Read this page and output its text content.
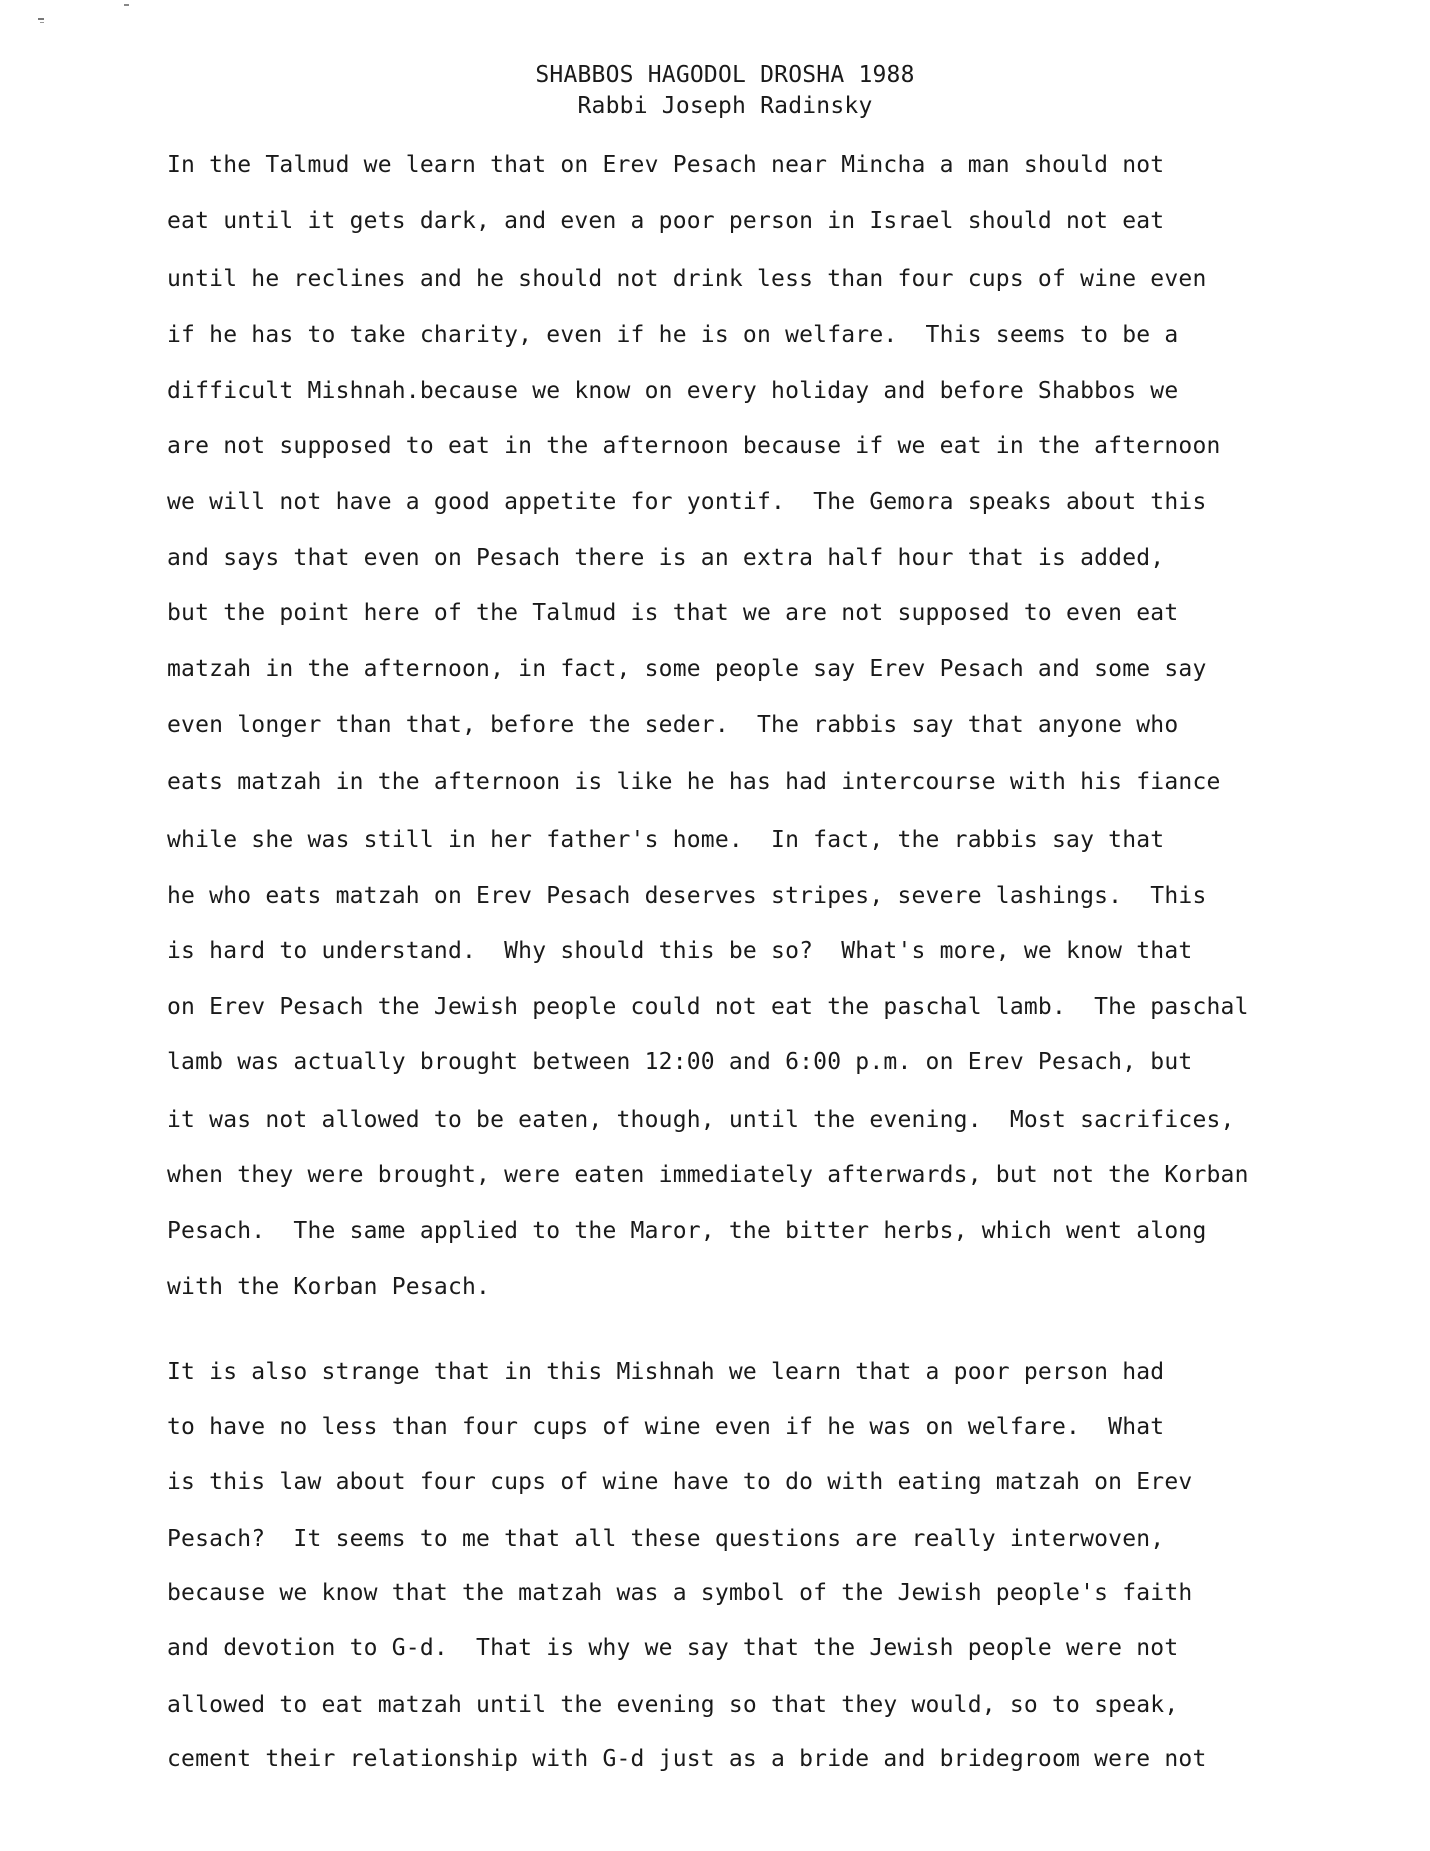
SHABBOS HAGODOL DROSHA 1988
Rabbi Joseph Radinsky
In the Talmud we learn that on Erev Pesach near Mincha a man should not
eat until it gets dark, and even a poor person in Israel should not eat
until he reclines and he should not drink less than four cups of wine even
if he has to take charity, even if he is on welfare.  This seems to be a
difficult Mishnah.because we know on every holiday and before Shabbos we
are not supposed to eat in the afternoon because if we eat in the afternoon
we will not have a good appetite for yontif.  The Gemora speaks about this
and says that even on Pesach there is an extra half hour that is added,
but the point here of the Talmud is that we are not supposed to even eat
matzah in the afternoon, in fact, some people say Erev Pesach and some say
even longer than that, before the seder.  The rabbis say that anyone who
eats matzah in the afternoon is like he has had intercourse with his fiance
while she was still in her father's home.  In fact, the rabbis say that
he who eats matzah on Erev Pesach deserves stripes, severe lashings.  This
is hard to understand.  Why should this be so?  What's more, we know that
on Erev Pesach the Jewish people could not eat the paschal lamb.  The paschal
lamb was actually brought between 12:00 and 6:00 p.m. on Erev Pesach, but
it was not allowed to be eaten, though, until the evening.  Most sacrifices,
when they were brought, were eaten immediately afterwards, but not the Korban
Pesach.  The same applied to the Maror, the bitter herbs, which went along
with the Korban Pesach.
It is also strange that in this Mishnah we learn that a poor person had
to have no less than four cups of wine even if he was on welfare.  What
is this law about four cups of wine have to do with eating matzah on Erev
Pesach?  It seems to me that all these questions are really interwoven,
because we know that the matzah was a symbol of the Jewish people's faith
and devotion to G-d.  That is why we say that the Jewish people were not
allowed to eat matzah until the evening so that they would, so to speak,
cement their relationship with G-d just as a bride and bridegroom were not
